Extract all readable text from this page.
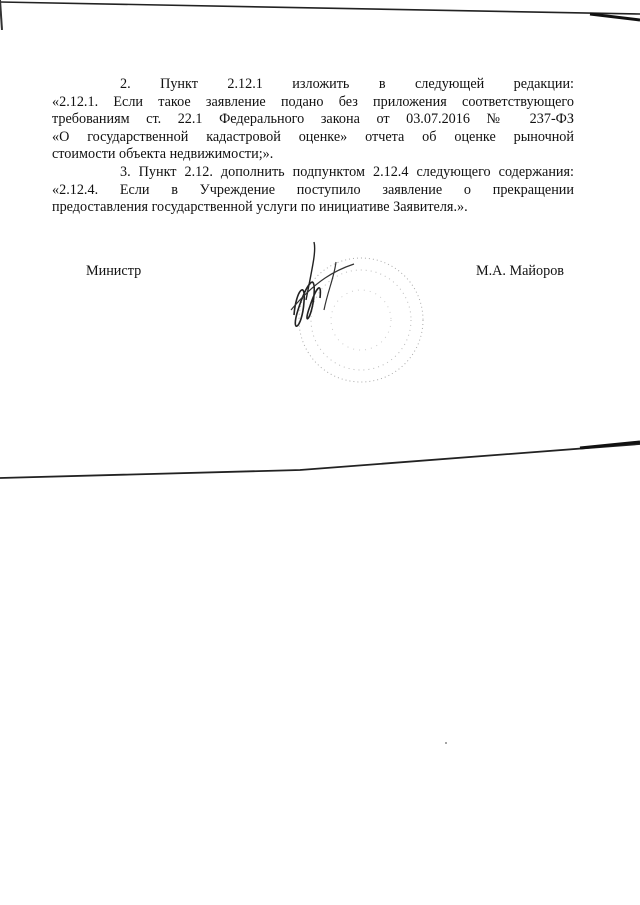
2. Пункт 2.12.1 изложить в следующей редакции:
«2.12.1. Если такое заявление подано без приложения соответствующего
требованиям ст. 22.1 Федерального закона от 03.07.2016 № 237-ФЗ
«О государственной кадастровой оценке» отчета об оценке рыночной
стоимости объекта недвижимости;».

3. Пункт 2.12. дополнить подпунктом 2.12.4 следующего содержания:
«2.12.4. Если в Учреждение поступило заявление о прекращении
предоставления государственной услуги по инициативе Заявителя.».

Министр	М.А. Майоров
